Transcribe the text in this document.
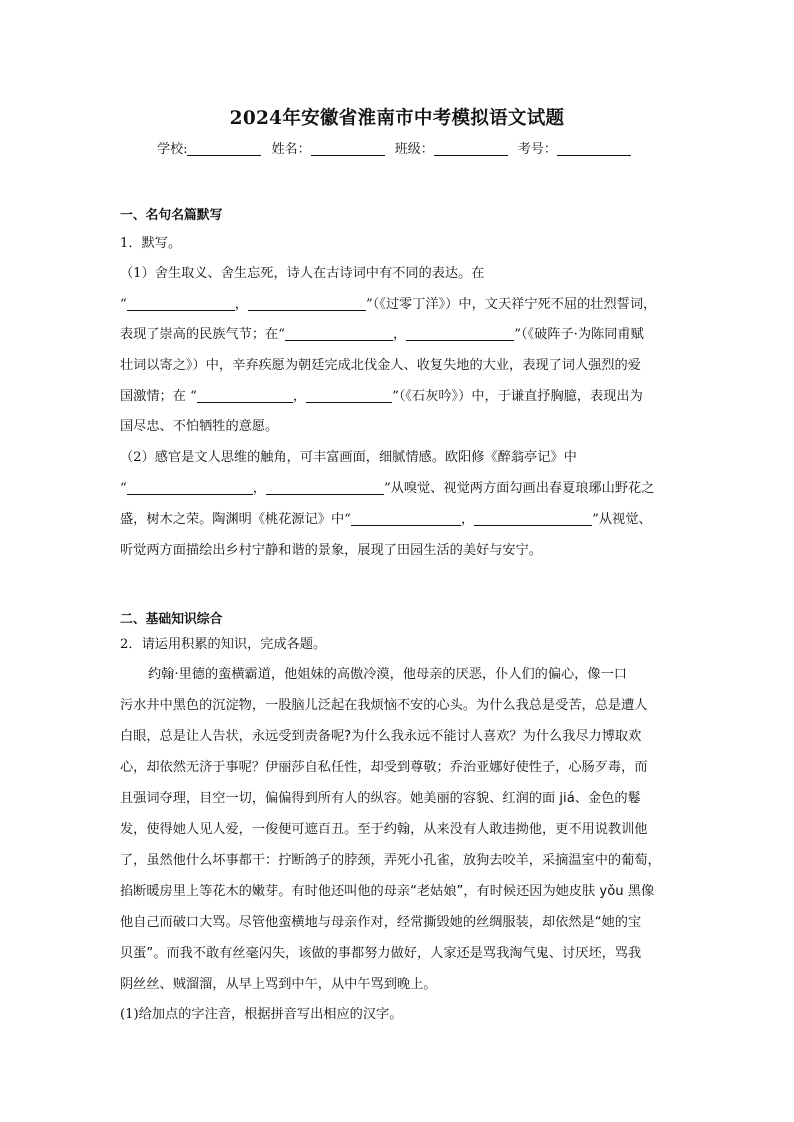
2024年安徽省淮南市中考模拟语文试题
学校:	姓名：	班级：	考号：
一、名句名篇默写
1．默写。
（1）舍生取义、舍生忘死，诗人在古诗词中有不同的表达。在
“	，	”（《过零丁洋》）中，文天祥宁死不屈的壮烈誓词，
表现了崇高的民族气节；在“	，	”（《破阵子·为陈同甫赋
壮词以寄之》）中，辛弃疾愿为朝廷完成北伐金人、收复失地的大业，表现了词人强烈的爱
国激情；在 “	，	”（《石灰吟》）中，于谦直抒胸臆，表现出为
国尽忠、不怕牺牲的意愿。
（2）感官是文人思维的触角，可丰富画面，细腻情感。欧阳修《醉翁亭记》中
“	，	”从嗅觉、视觉两方面勾画出春夏琅琊山野花之
盛，树木之荣。陶渊明《桃花源记》中“	，	”从视觉、
听觉两方面描绘出乡村宁静和谐的景象，展现了田园生活的美好与安宁。
二、基础知识综合
2．请运用积累的知识，完成各题。
约翰·里德的蛮横霸道，他姐妹的高傲冷漠，他母亲的厌恶，仆人们的偏心，像一口
污水井中黑色的沉淀物，一股脑儿泛起在我烦恼不安的心头。为什么我总是受苦，总是遭人
白眼，总是让人告状，永远受到责备呢?为什么我永远不能讨人喜欢？为什么我尽力博取欢
心，却依然无济于事呢？伊丽莎自私任性，却受到尊敬；乔治亚娜好使性子，心肠歹毒，而
且强词夺理，目空一切，偏偏得到所有人的纵容。她美丽的容貌、红润的面 jiá、金色的鬈
发，使得她人见人爱，一俊便可遮百丑。至于约翰，从来没有人敢违拗他，更不用说教训他
了，虽然他什么坏事都干：拧断鸽子的脖颈，弄死小孔雀，放狗去咬羊，采摘温室中的葡萄，
掐断暖房里上等花木的嫩芽。有时他还叫他的母亲“老姑娘”，有时候还因为她皮肤 yǒu 黑像
他自己而破口大骂。尽管他蛮横地与母亲作对，经常撕毁她的丝绸服装，却依然是“她的宝
贝蛋”。而我不敢有丝毫闪失，该做的事都努力做好，人家还是骂我淘气鬼、讨厌坯，骂我
阴丝丝、贼溜溜，从早上骂到中午，从中午骂到晚上。
(1)给加点的字注音，根据拼音写出相应的汉字。
